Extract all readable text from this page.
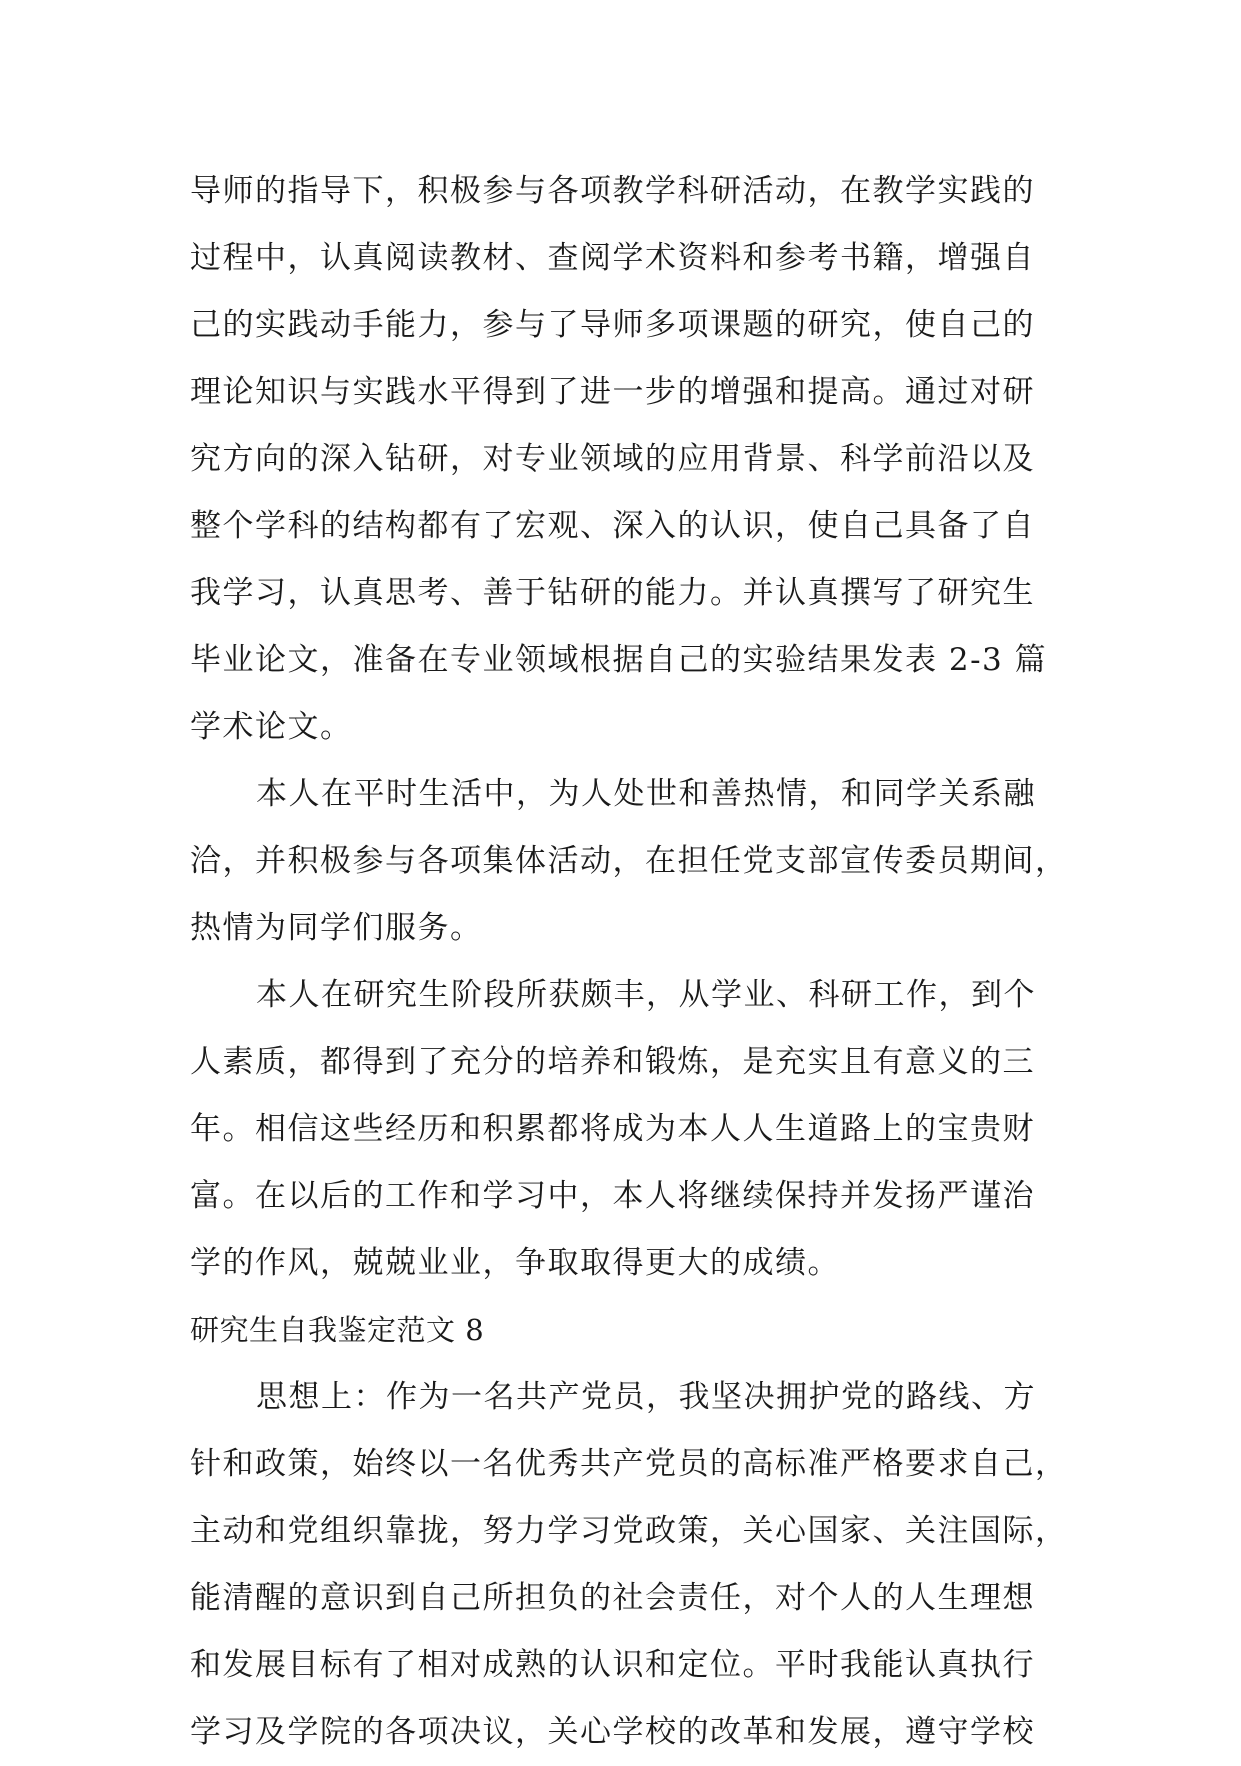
导师的指导下，积极参与各项教学科研活动，在教学实践的
过程中，认真阅读教材、查阅学术资料和参考书籍，增强自
己的实践动手能力，参与了导师多项课题的研究，使自己的
理论知识与实践水平得到了进一步的增强和提高。通过对研
究方向的深入钻研，对专业领域的应用背景、科学前沿以及
整个学科的结构都有了宏观、深入的认识，使自己具备了自
我学习，认真思考、善于钻研的能力。并认真撰写了研究生
毕业论文，准备在专业领域根据自己的实验结果发表 2-3 篇
学术论文。
本人在平时生活中，为人处世和善热情，和同学关系融
洽，并积极参与各项集体活动，在担任党支部宣传委员期间，
热情为同学们服务。
本人在研究生阶段所获颇丰，从学业、科研工作，到个
人素质，都得到了充分的培养和锻炼，是充实且有意义的三
年。相信这些经历和积累都将成为本人人生道路上的宝贵财
富。在以后的工作和学习中，本人将继续保持并发扬严谨治
学的作风，兢兢业业，争取取得更大的成绩。
研究生自我鉴定范文 8
思想上：作为一名共产党员，我坚决拥护党的路线、方
针和政策，始终以一名优秀共产党员的高标准严格要求自己，
主动和党组织靠拢，努力学习党政策，关心国家、关注国际，
能清醒的意识到自己所担负的社会责任，对个人的人生理想
和发展目标有了相对成熟的认识和定位。平时我能认真执行
学习及学院的各项决议，关心学校的改革和发展，遵守学校
